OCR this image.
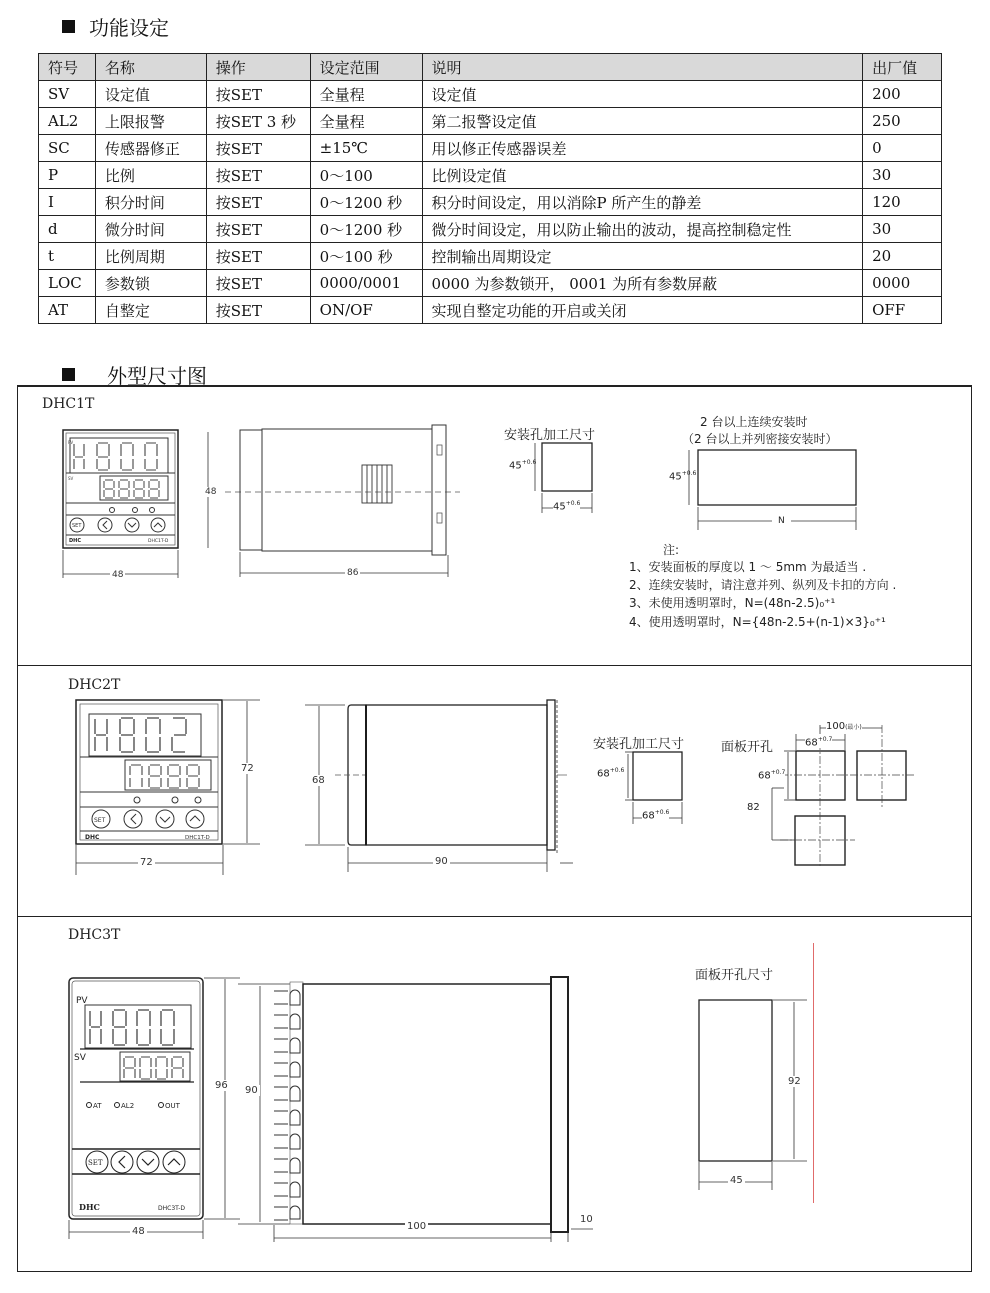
功能设定
符号	名称	操作	设定范围	说明	出厂值
SV	设定值	按SET	全量程	设定值	200
AL2	上限报警	按SET 3 秒	全量程	第二报警设定值	250
SC	传感器修正	按SET	±15℃	用以修正传感器误差	0
P	比例	按SET	0～100	比例设定值	30
I	积分时间	按SET	0～1200 秒	积分时间设定，用以消除P 所产生的静差	120
d	微分时间	按SET	0～1200 秒	微分时间设定，用以防止输出的波动，提高控制稳定性	30
t	比例周期	按SET	0～100 秒	控制输出周期设定	20
LOC	参数锁	按SET	0000/0001	0000 为参数锁开， 0001 为所有参数屏蔽	0000
AT	自整定	按SET	ON/OF	实现自整定功能的开启或关闭	OFF
外型尺寸图
DHC1T
PV
SV
SET
DHC	DHC1T-D
48
48	86
安装孔加工尺寸
$45^{+0.6}$
$45^{+0.6}$
2 台以上连续安装时
（2 台以上并列密接安装时）
$45^{+0.6}$
N
注:
1、安装面板的厚度以 1 ～ 5mm 为最适当 .
2、连续安装时，请注意并列、纵列及卡扣的方向 .
3、未使用透明罩时，N=(48n-2.5)₀⁺¹
4、使用透明罩时，N={48n-2.5+(n-1)×3}₀⁺¹
DHC2T
SET
DHC	DHC1T-D
72
72
68
90
安装孔加工尺寸
$68^{+0.6}$
$68^{+0.6}$
面板开孔
100(最小)
$68^{+0.7}$
$68^{+0.7}$
82
DHC3T
PV
SV
AT	AL2	OUT
SET
DHC	DHC3T-D
96
48
90
100
10
面板开孔尺寸
92
45
